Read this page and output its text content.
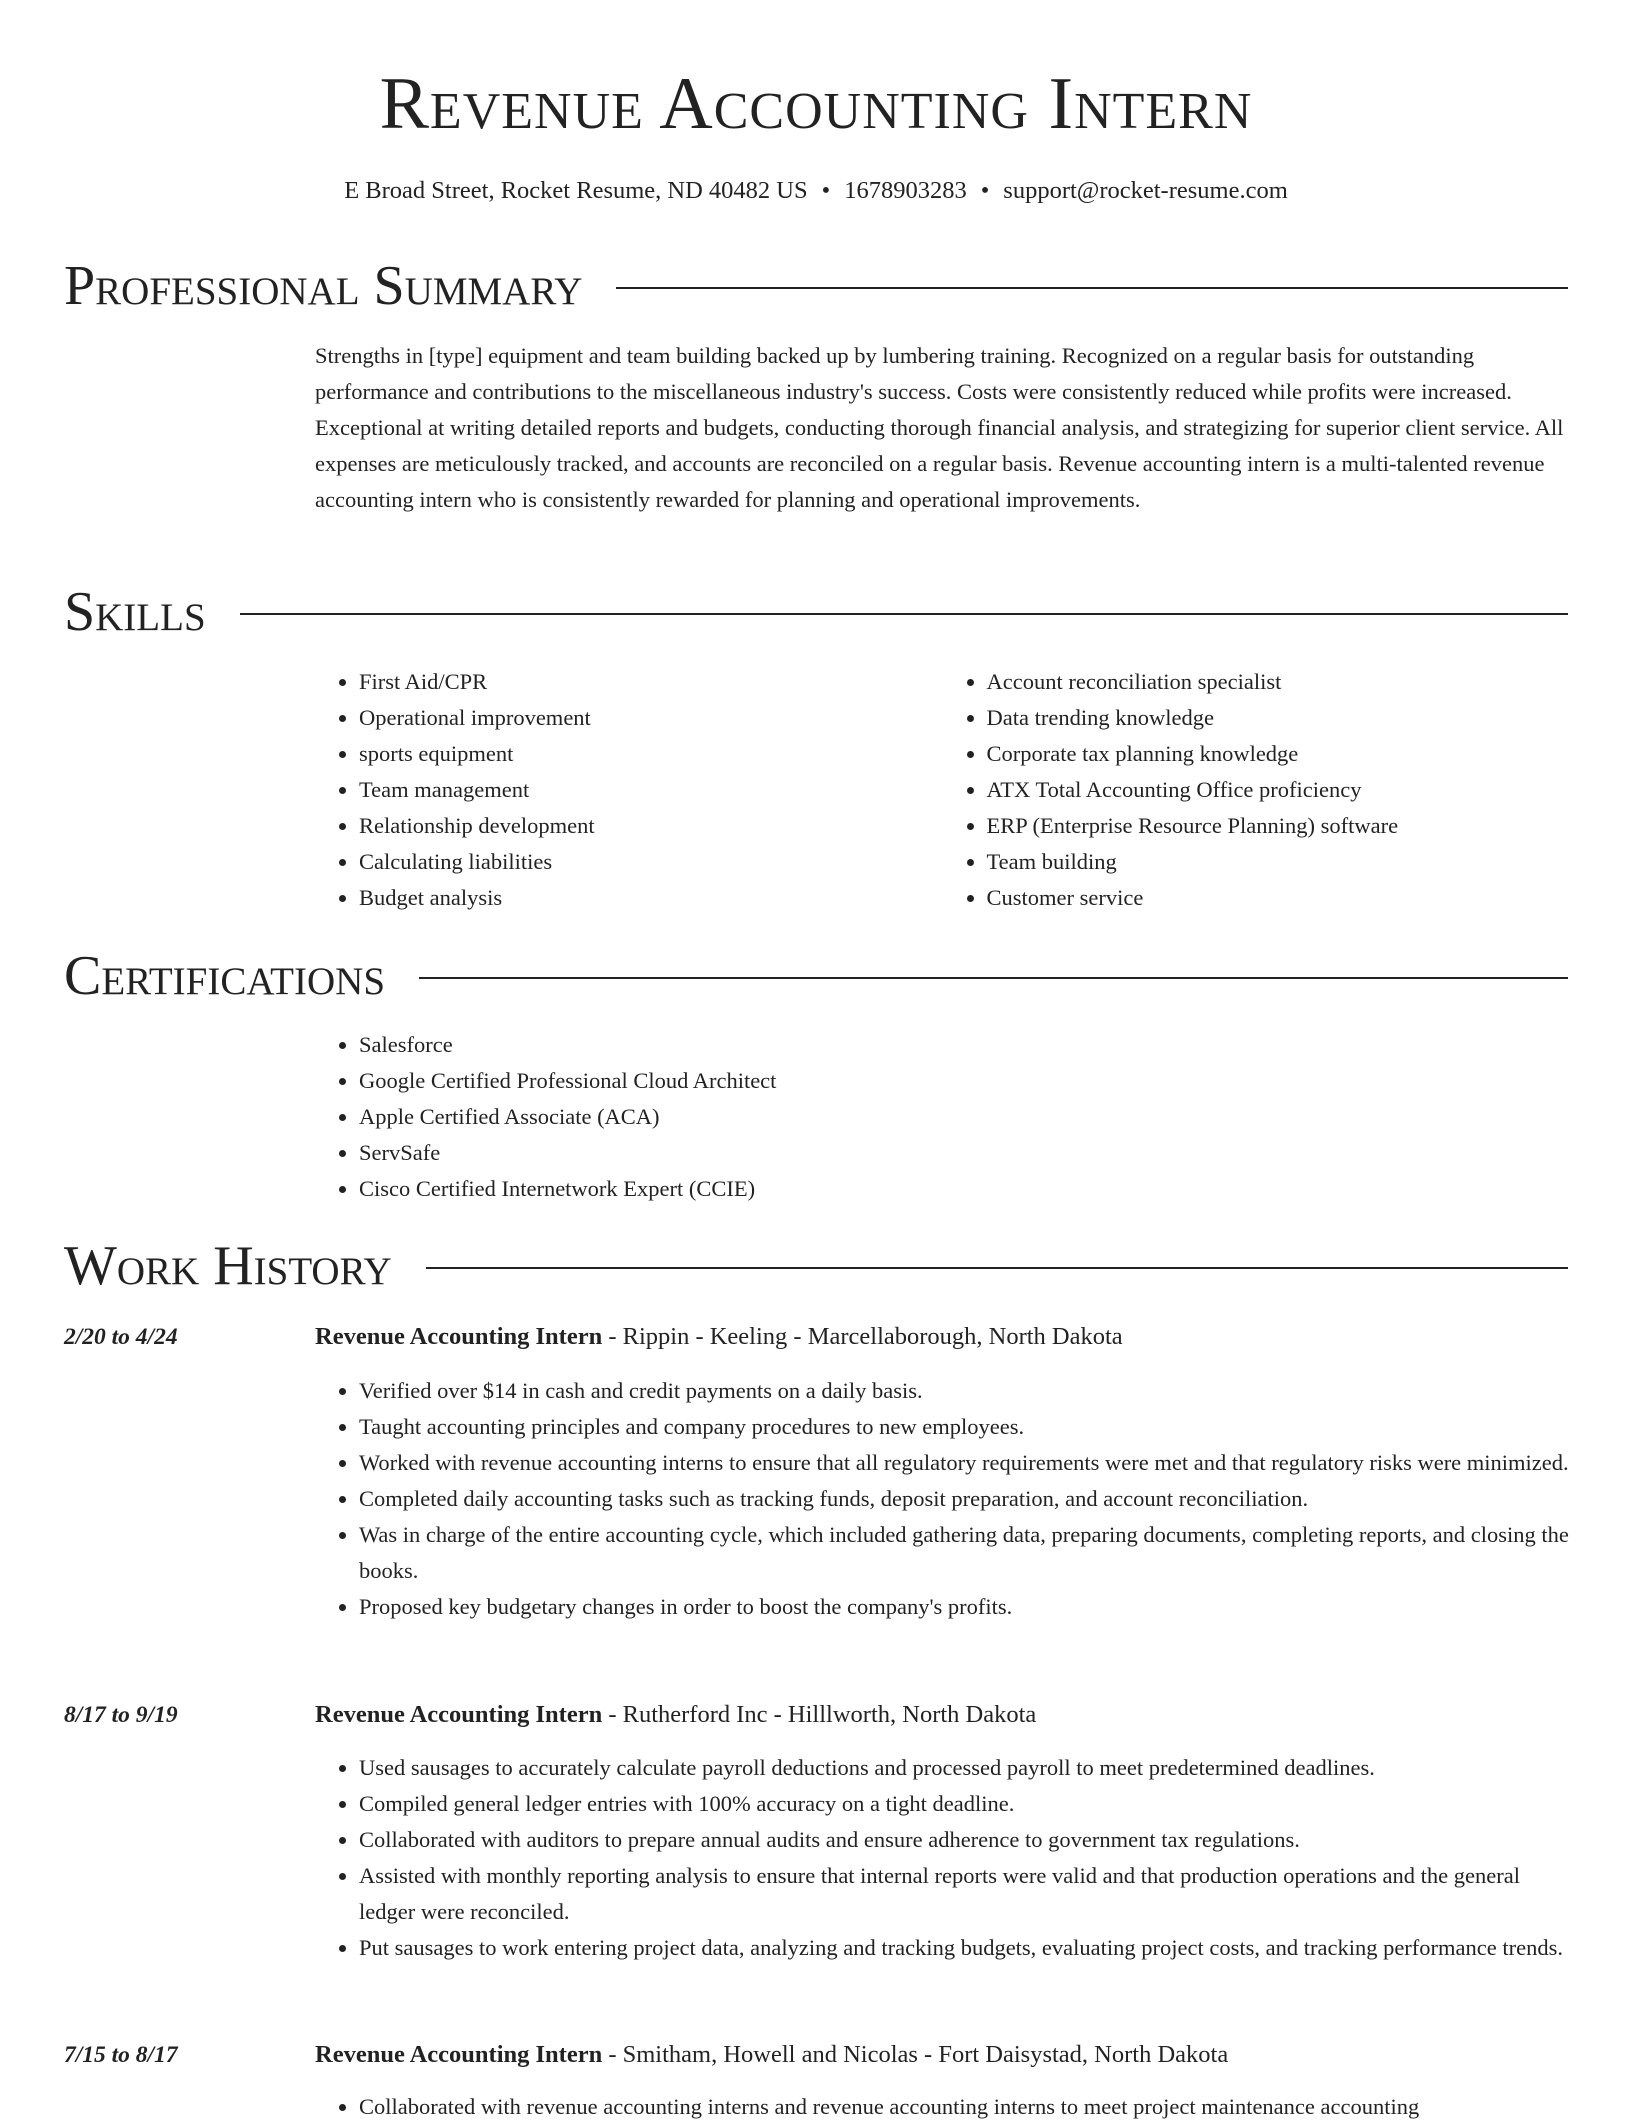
Revenue Accounting Intern
E Broad Street, Rocket Resume, ND 40482 US • 1678903283 • support@rocket-resume.com
Professional Summary

Strengths in [type] equipment and team building backed up by lumbering training. Recognized on a regular basis for outstanding performance and contributions to the miscellaneous industry's success. Costs were consistently reduced while profits were increased. Exceptional at writing detailed reports and budgets, conducting thorough financial analysis, and strategizing for superior client service. All expenses are meticulously tracked, and accounts are reconciled on a regular basis. Revenue accounting intern is a multi-talented revenue accounting intern who is consistently rewarded for planning and operational improvements.

Skills
• First Aid/CPR
• Operational improvement
• sports equipment
• Team management
• Relationship development
• Calculating liabilities
• Budget analysis
• Account reconciliation specialist
• Data trending knowledge
• Corporate tax planning knowledge
• ATX Total Accounting Office proficiency
• ERP (Enterprise Resource Planning) software
• Team building
• Customer service
Certifications
• Salesforce
• Google Certified Professional Cloud Architect
• Apple Certified Associate (ACA)
• ServSafe
• Cisco Certified Internetwork Expert (CCIE)
Work History
2/20 to 4/24	Revenue Accounting Intern - Rippin - Keeling - Marcellaborough, North Dakota
• Verified over $14 in cash and credit payments on a daily basis.
• Taught accounting principles and company procedures to new employees.
• Worked with revenue accounting interns to ensure that all regulatory requirements were met and that regulatory risks were minimized.
• Completed daily accounting tasks such as tracking funds, deposit preparation, and account reconciliation.
• Was in charge of the entire accounting cycle, which included gathering data, preparing documents, completing reports, and closing the books.
• Proposed key budgetary changes in order to boost the company's profits.
8/17 to 9/19	Revenue Accounting Intern - Rutherford Inc - Hilllworth, North Dakota
• Used sausages to accurately calculate payroll deductions and processed payroll to meet predetermined deadlines.
• Compiled general ledger entries with 100% accuracy on a tight deadline.
• Collaborated with auditors to prepare annual audits and ensure adherence to government tax regulations.
• Assisted with monthly reporting analysis to ensure that internal reports were valid and that production operations and the general ledger were reconciled.
• Put sausages to work entering project data, analyzing and tracking budgets, evaluating project costs, and tracking performance trends.
7/15 to 8/17	Revenue Accounting Intern - Smitham, Howell and Nicolas - Fort Daisystad, North Dakota
• Collaborated with revenue accounting interns and revenue accounting interns to meet project maintenance accounting
